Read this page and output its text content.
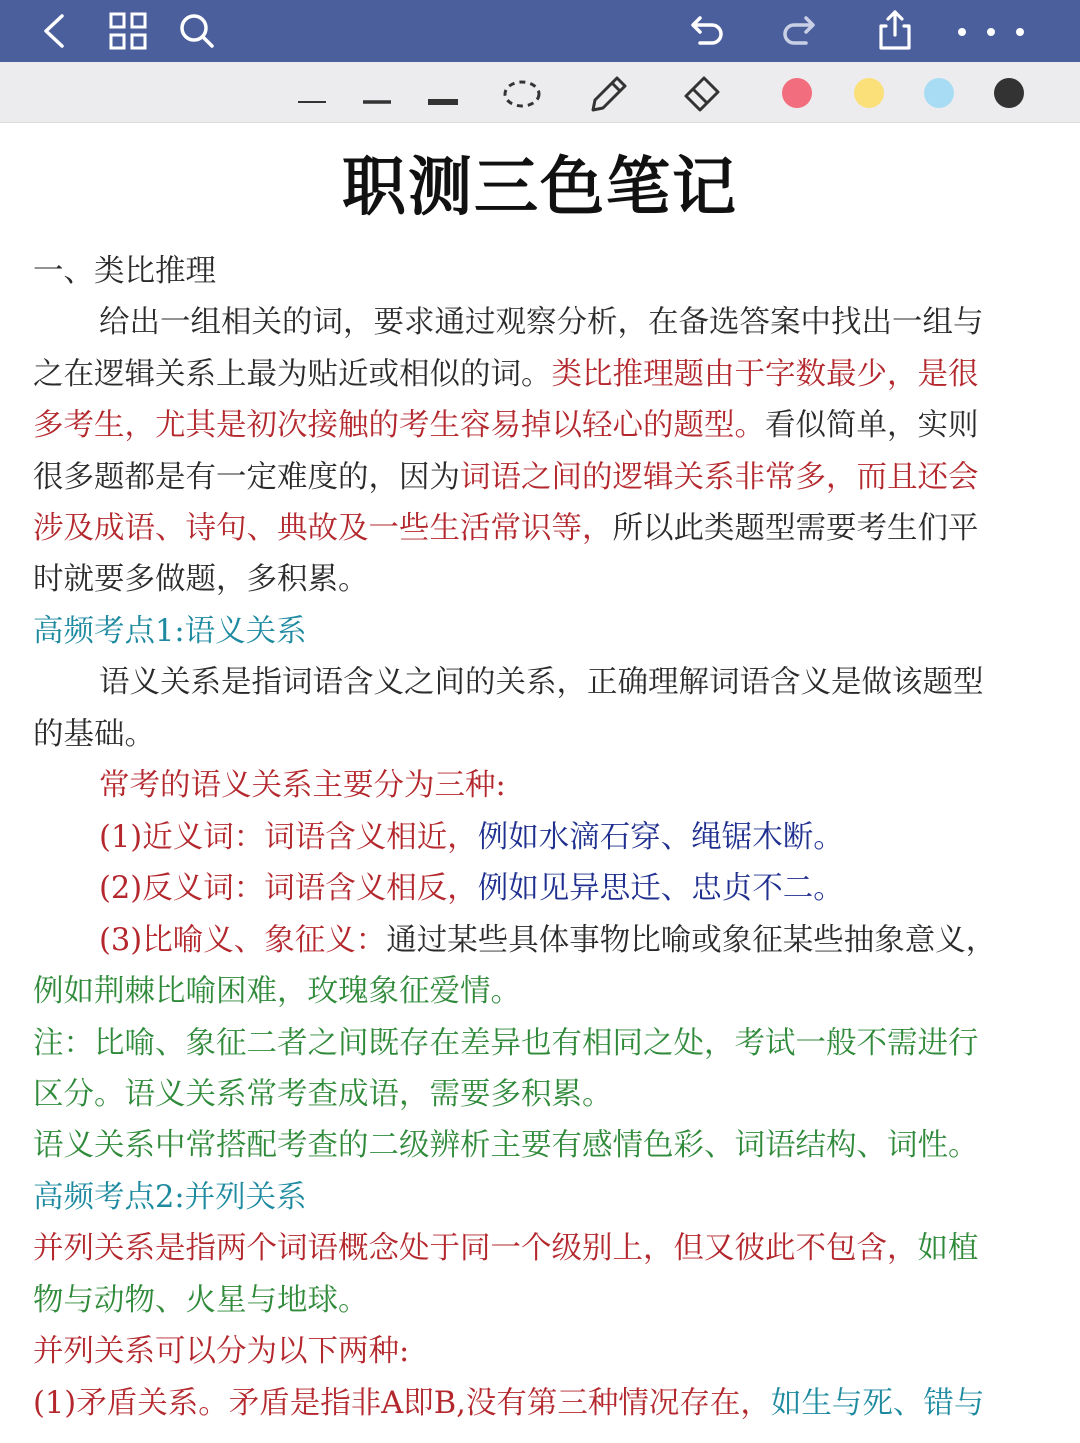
职测三色笔记
一、类比推理
给出一组相关的词，要求通过观察分析，在备选答案中找出一组与
之在逻辑关系上最为贴近或相似的词。类比推理题由于字数最少，是很
多考生，尤其是初次接触的考生容易掉以轻心的题型。看似简单，实则
很多题都是有一定难度的，因为词语之间的逻辑关系非常多，而且还会
涉及成语、诗句、典故及一些生活常识等，所以此类题型需要考生们平
时就要多做题，多积累。
高频考点1:语义关系
语义关系是指词语含义之间的关系，正确理解词语含义是做该题型
的基础。
常考的语义关系主要分为三种:
(1)近义词：词语含义相近，例如水滴石穿、绳锯木断。
(2)反义词：词语含义相反，例如见异思迁、忠贞不二。
(3)比喻义、象征义：通过某些具体事物比喻或象征某些抽象意义，
例如荆棘比喻困难，玫瑰象征爱情。
注：比喻、象征二者之间既存在差异也有相同之处，考试一般不需进行
区分。语义关系常考查成语，需要多积累。
语义关系中常搭配考查的二级辨析主要有感情色彩、词语结构、词性。
高频考点2:并列关系
并列关系是指两个词语概念处于同一个级别上，但又彼此不包含，如植
物与动物、火星与地球。
并列关系可以分为以下两种:
(1)矛盾关系。矛盾是指非A即B,没有第三种情况存在，如生与死、错与
